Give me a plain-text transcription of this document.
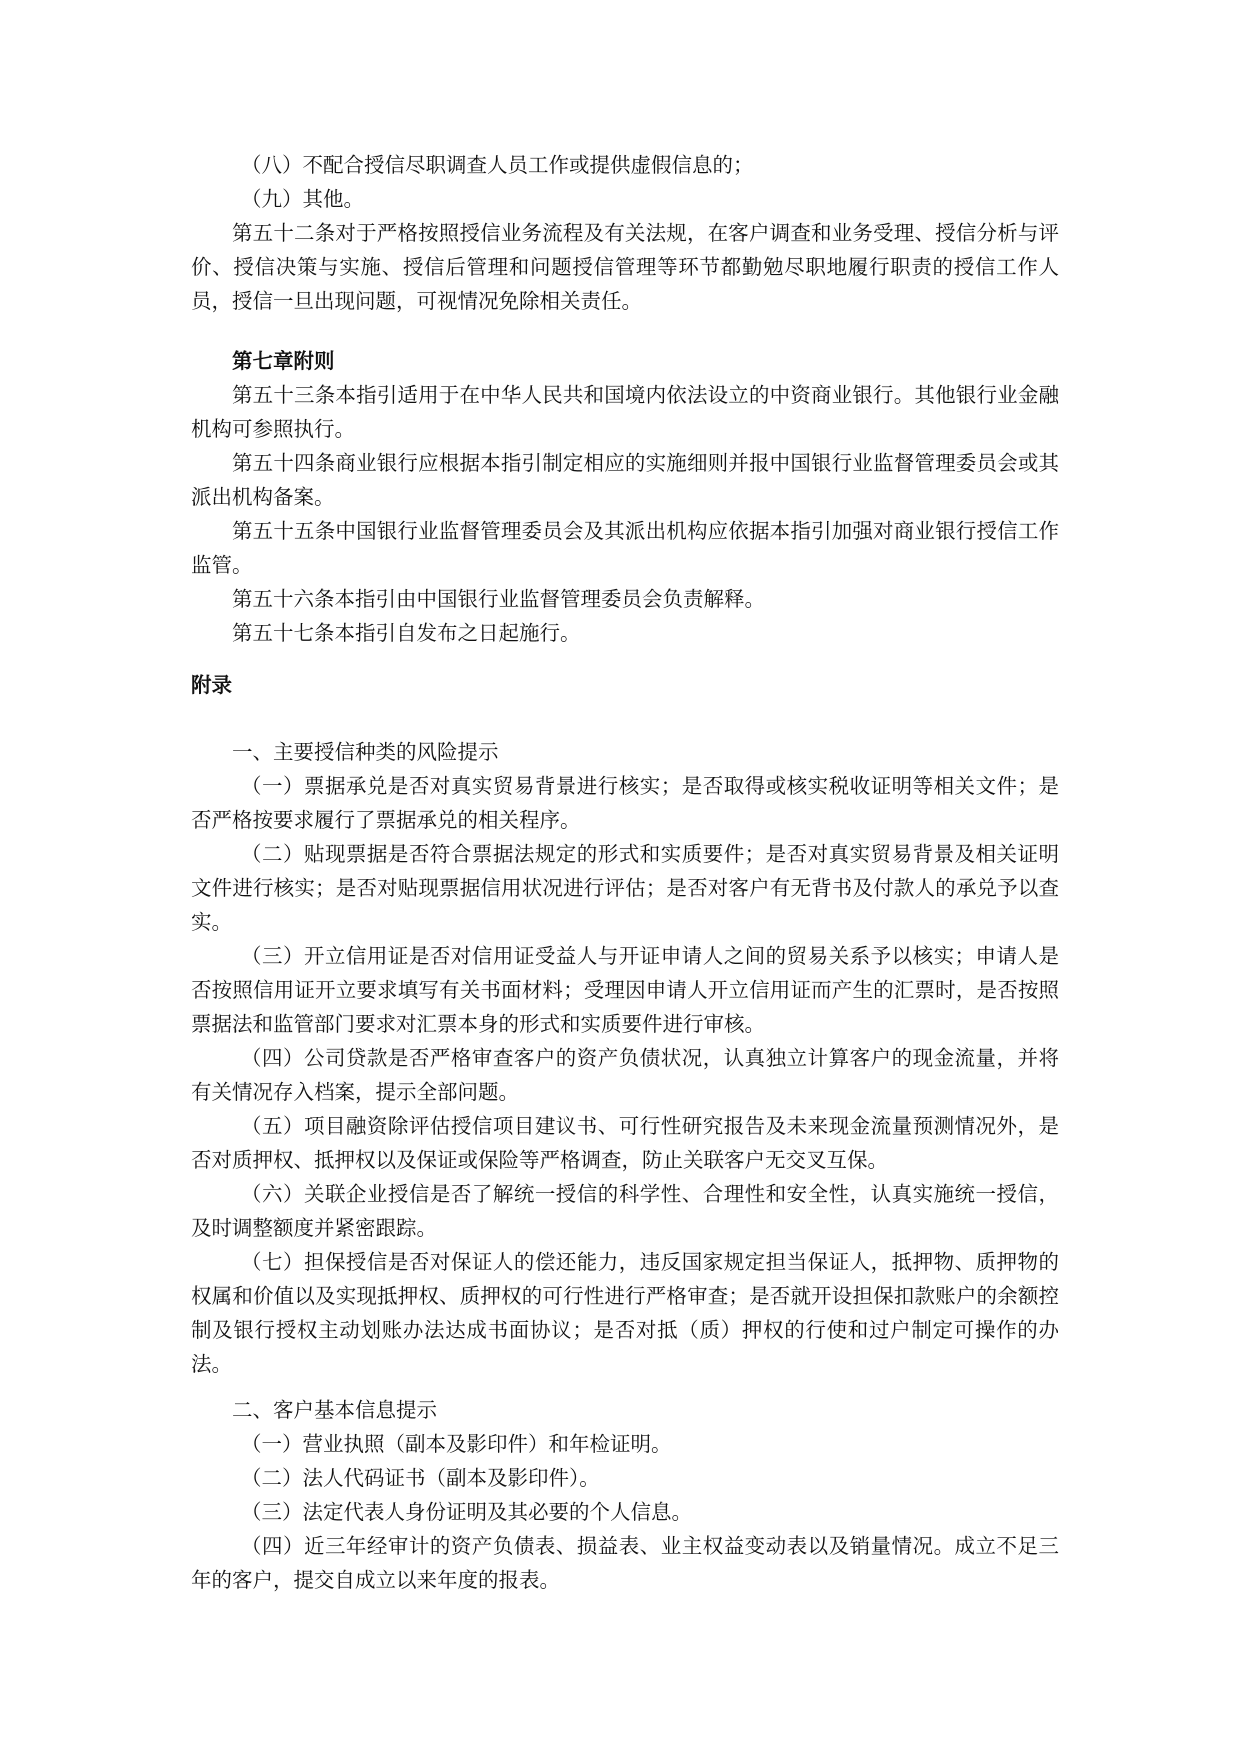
（八）不配合授信尽职调查人员工作或提供虚假信息的；

（九）其他。

第五十二条对于严格按照授信业务流程及有关法规，在客户调查和业务受理、授信分析与评价、授信决策与实施、授信后管理和问题授信管理等环节都勤勉尽职地履行职责的授信工作人员，授信一旦出现问题，可视情况免除相关责任。

第七章附则

第五十三条本指引适用于在中华人民共和国境内依法设立的中资商业银行。其他银行业金融机构可参照执行。

第五十四条商业银行应根据本指引制定相应的实施细则并报中国银行业监督管理委员会或其派出机构备案。

第五十五条中国银行业监督管理委员会及其派出机构应依据本指引加强对商业银行授信工作监管。

第五十六条本指引由中国银行业监督管理委员会负责解释。

第五十七条本指引自发布之日起施行。

附录

一、主要授信种类的风险提示

（一）票据承兑是否对真实贸易背景进行核实；是否取得或核实税收证明等相关文件；是否严格按要求履行了票据承兑的相关程序。

（二）贴现票据是否符合票据法规定的形式和实质要件；是否对真实贸易背景及相关证明文件进行核实；是否对贴现票据信用状况进行评估；是否对客户有无背书及付款人的承兑予以查实。

（三）开立信用证是否对信用证受益人与开证申请人之间的贸易关系予以核实；申请人是否按照信用证开立要求填写有关书面材料；受理因申请人开立信用证而产生的汇票时，是否按照票据法和监管部门要求对汇票本身的形式和实质要件进行审核。

（四）公司贷款是否严格审查客户的资产负债状况，认真独立计算客户的现金流量，并将有关情况存入档案，提示全部问题。

（五）项目融资除评估授信项目建议书、可行性研究报告及未来现金流量预测情况外，是否对质押权、抵押权以及保证或保险等严格调查，防止关联客户无交叉互保。

（六）关联企业授信是否了解统一授信的科学性、合理性和安全性，认真实施统一授信，及时调整额度并紧密跟踪。

（七）担保授信是否对保证人的偿还能力，违反国家规定担当保证人，抵押物、质押物的权属和价值以及实现抵押权、质押权的可行性进行严格审查；是否就开设担保扣款账户的余额控制及银行授权主动划账办法达成书面协议；是否对抵（质）押权的行使和过户制定可操作的办法。

二、客户基本信息提示

（一）营业执照（副本及影印件）和年检证明。

（二）法人代码证书（副本及影印件）。

（三）法定代表人身份证明及其必要的个人信息。

（四）近三年经审计的资产负债表、损益表、业主权益变动表以及销量情况。成立不足三年的客户，提交自成立以来年度的报表。
